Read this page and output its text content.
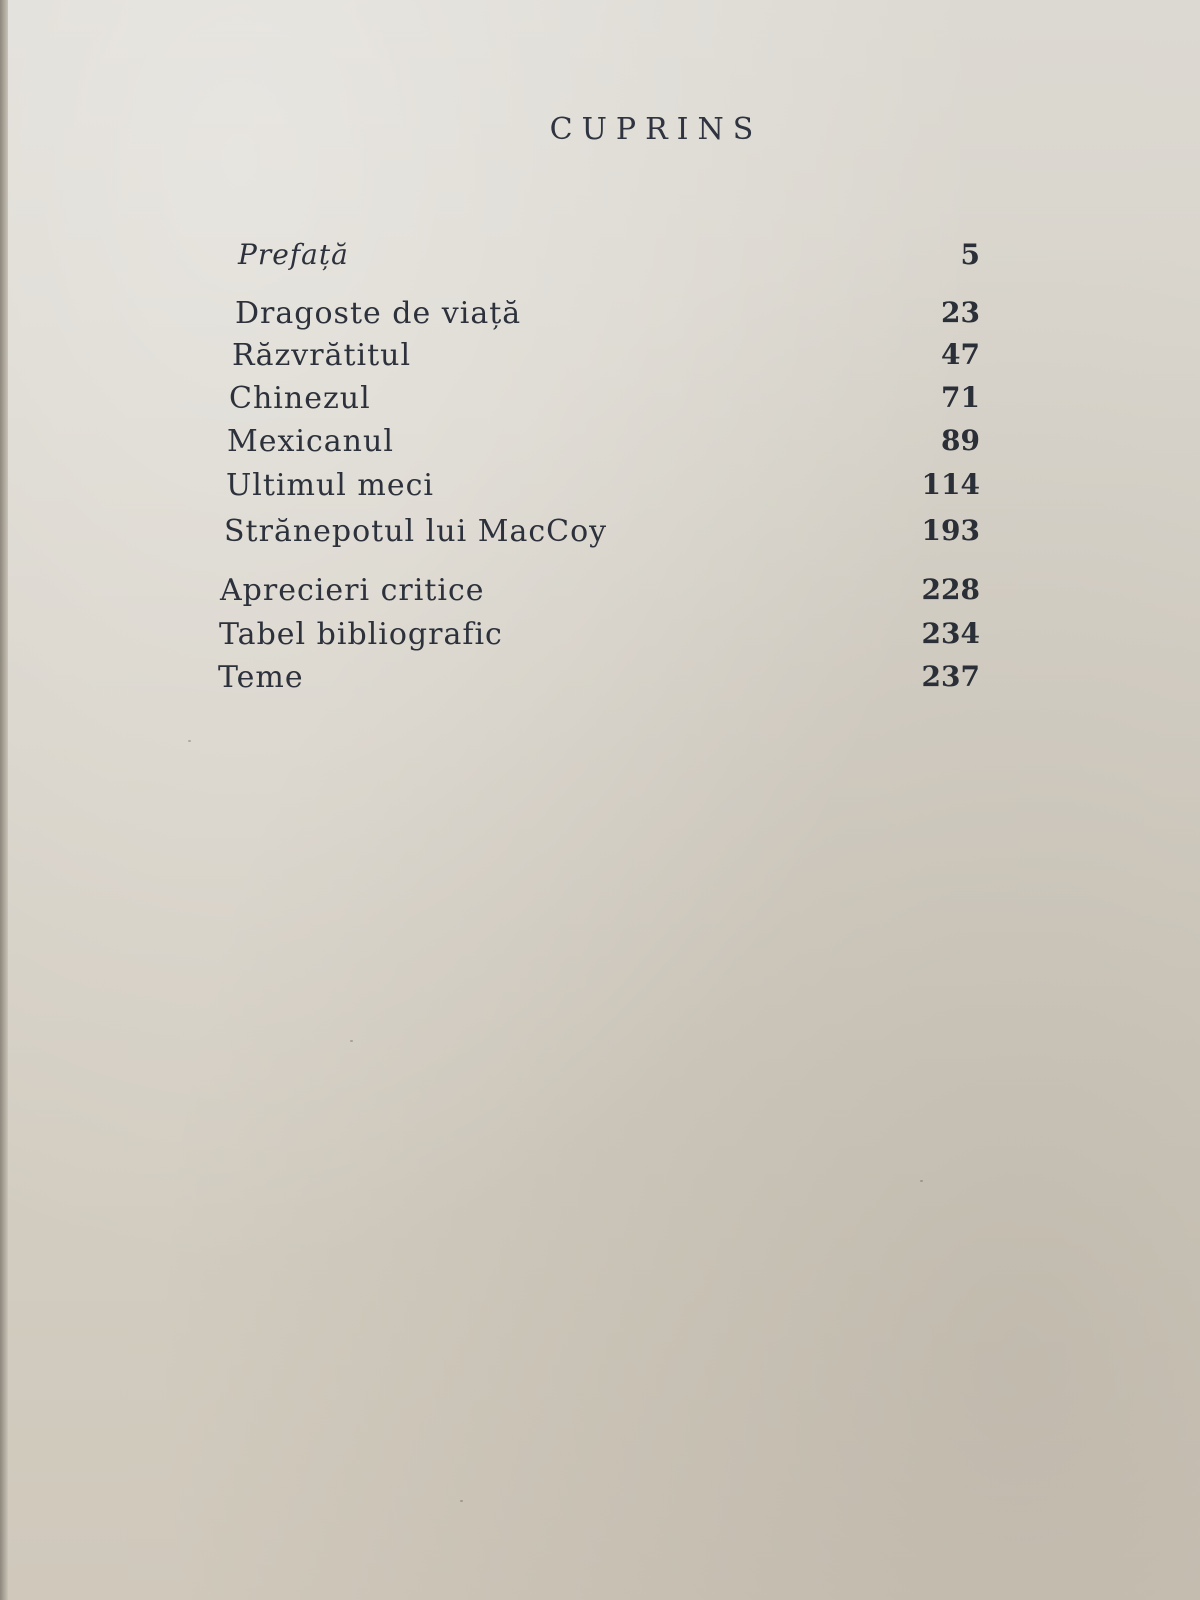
CUPRINS
Prefață	5
Dragoste de viață	23
Răzvrătitul	47
Chinezul	71
Mexicanul	89
Ultimul meci	114
Strănepotul lui MacCoy	193
Aprecieri critice	228
Tabel bibliografic	234
Teme	237
